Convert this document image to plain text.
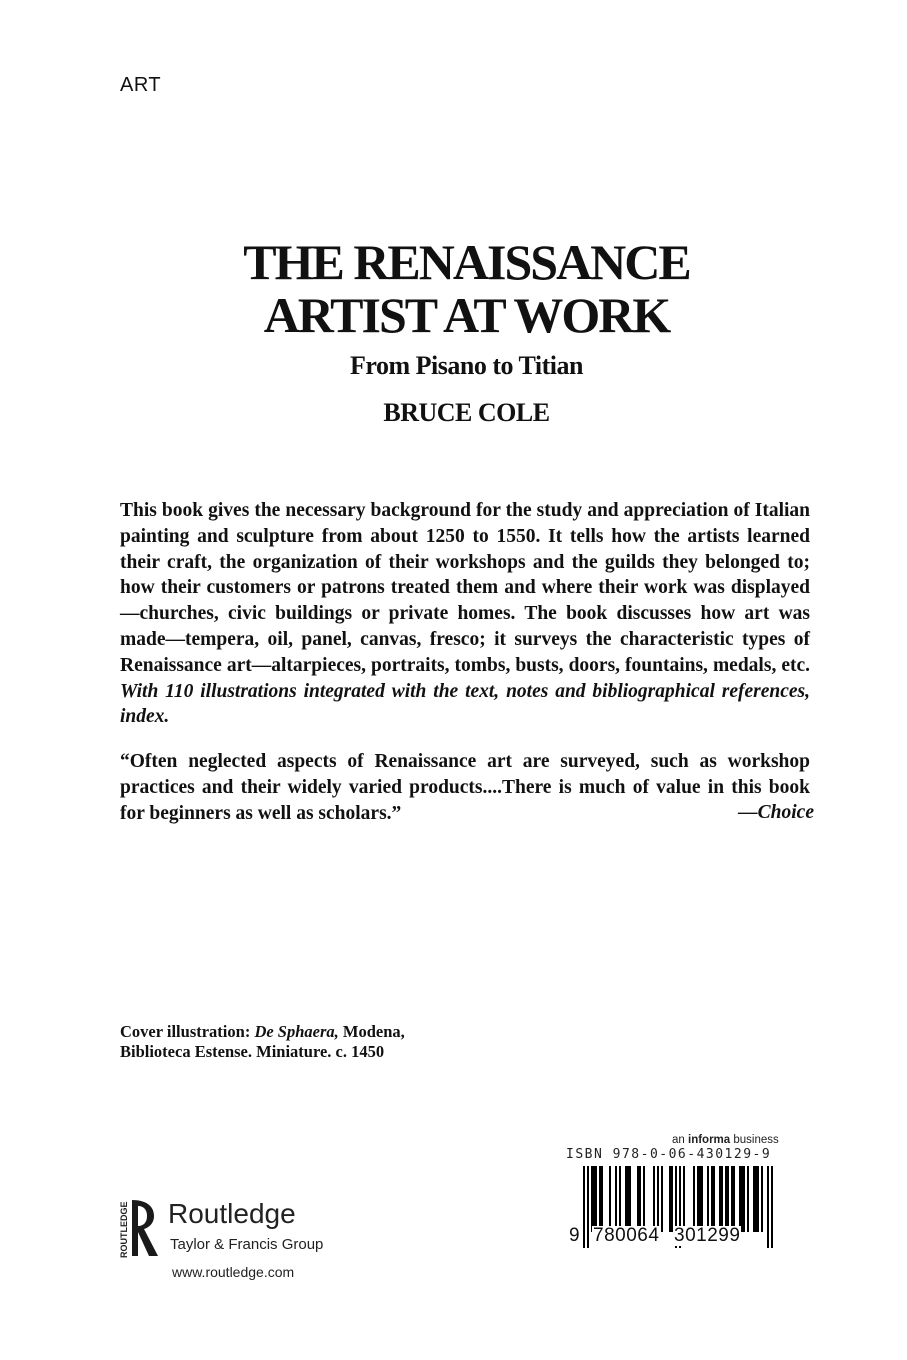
ART
THE RENAISSANCE
ARTIST AT WORK
From Pisano to Titian
BRUCE COLE

This book gives the necessary background for the study and appreciation of Italian painting and sculpture from about 1250 to 1550. It tells how the artists learned their craft, the organization of their workshops and the guilds they belonged to; how their customers or patrons treated them and where their work was displayed—churches, civic buildings or private homes. The book discusses how art was made—tempera, oil, panel, canvas, fresco; it surveys the characteristic types of Renaissance art—altarpieces, portraits, tombs, busts, doors, fountains, medals, etc. With 110 illustrations integrated with the text, notes and bibliographical references, index.

“Often neglected aspects of Renaissance art are surveyed, such as workshop practices and their widely varied products....There is much of value in this book for beginners as well as scholars.”	—Choice
Cover illustration: De Sphaera, Modena,
Biblioteca Estense. Miniature. c. 1450
ROUTLEDGE Routledge
Taylor & Francis Group
www.routledge.com
an informa business
ISBN 978-0-06-430129-9
9 780064 301299
